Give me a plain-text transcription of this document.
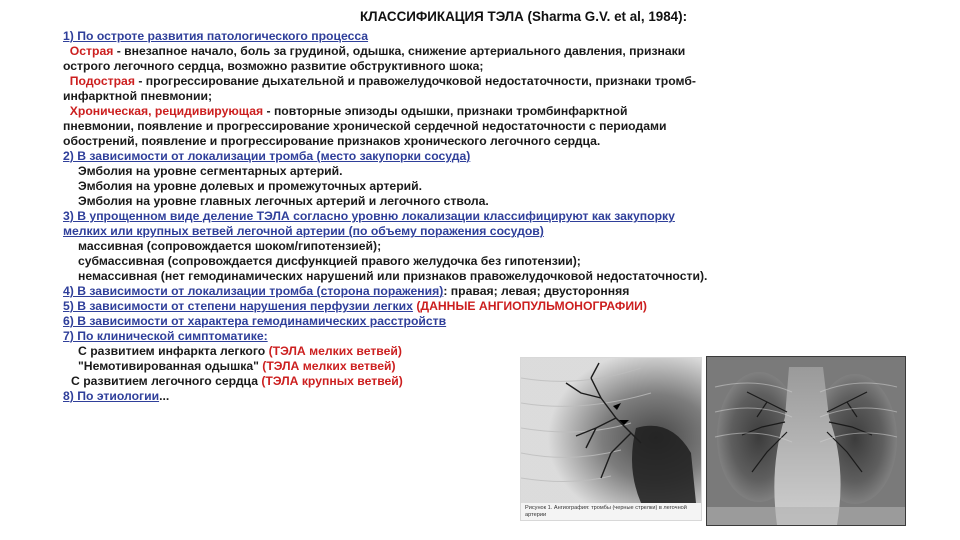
КЛАССИФИКАЦИЯ ТЭЛА (Sharma G.V. et al, 1984):
1) По остроте развития патологического процесса
Острая - внезапное начало, боль за грудиной, одышка, снижение артериального давления, признаки
острого легочного сердца, возможно развитие обструктивного шока;
Подострая - прогрессирование дыхательной и правожелудочковой недостаточности, признаки тромб-
инфарктной пневмонии;
Хроническая, рецидивирующая - повторные эпизоды одышки, признаки тромбинфарктной
пневмонии, появление и прогрессирование хронической сердечной недостаточности с периодами
обострений, появление и прогрессирование признаков хронического легочного сердца.
2) В зависимости от локализации тромба (место закупорки сосуда)
Эмболия на уровне сегментарных артерий.
Эмболия на уровне долевых и промежуточных артерий.
Эмболия на уровне главных легочных артерий и легочного ствола.
3) В упрощенном виде деление ТЭЛА согласно уровню локализации классифицируют как закупорку
мелких или крупных ветвей легочной артерии (по объему поражения сосудов)
массивная (сопровождается шоком/гипотензией);
субмассивная (сопровождается дисфункцией правого желудочка без гипотензии);
немассивная (нет гемодинамических нарушений или признаков правожелудочковой недостаточности).
4) В зависимости от локализации тромба (сторона поражения): правая; левая; двусторонняя
5) В зависимости от степени нарушения перфузии легких (ДАННЫЕ АНГИОПУЛЬМОНОГРАФИИ)
6) В зависимости от характера гемодинамических расстройств
7) По клинической симптоматике:
С развитием инфаркта легкого (ТЭЛА мелких ветвей)
"Немотивированная одышка" (ТЭЛА мелких ветвей)
С развитием легочного сердца (ТЭЛА крупных ветвей)
8) По этиологии...
Рисунок 1. Ангиография: тромбы (черные стрелки) в легочной артерии
